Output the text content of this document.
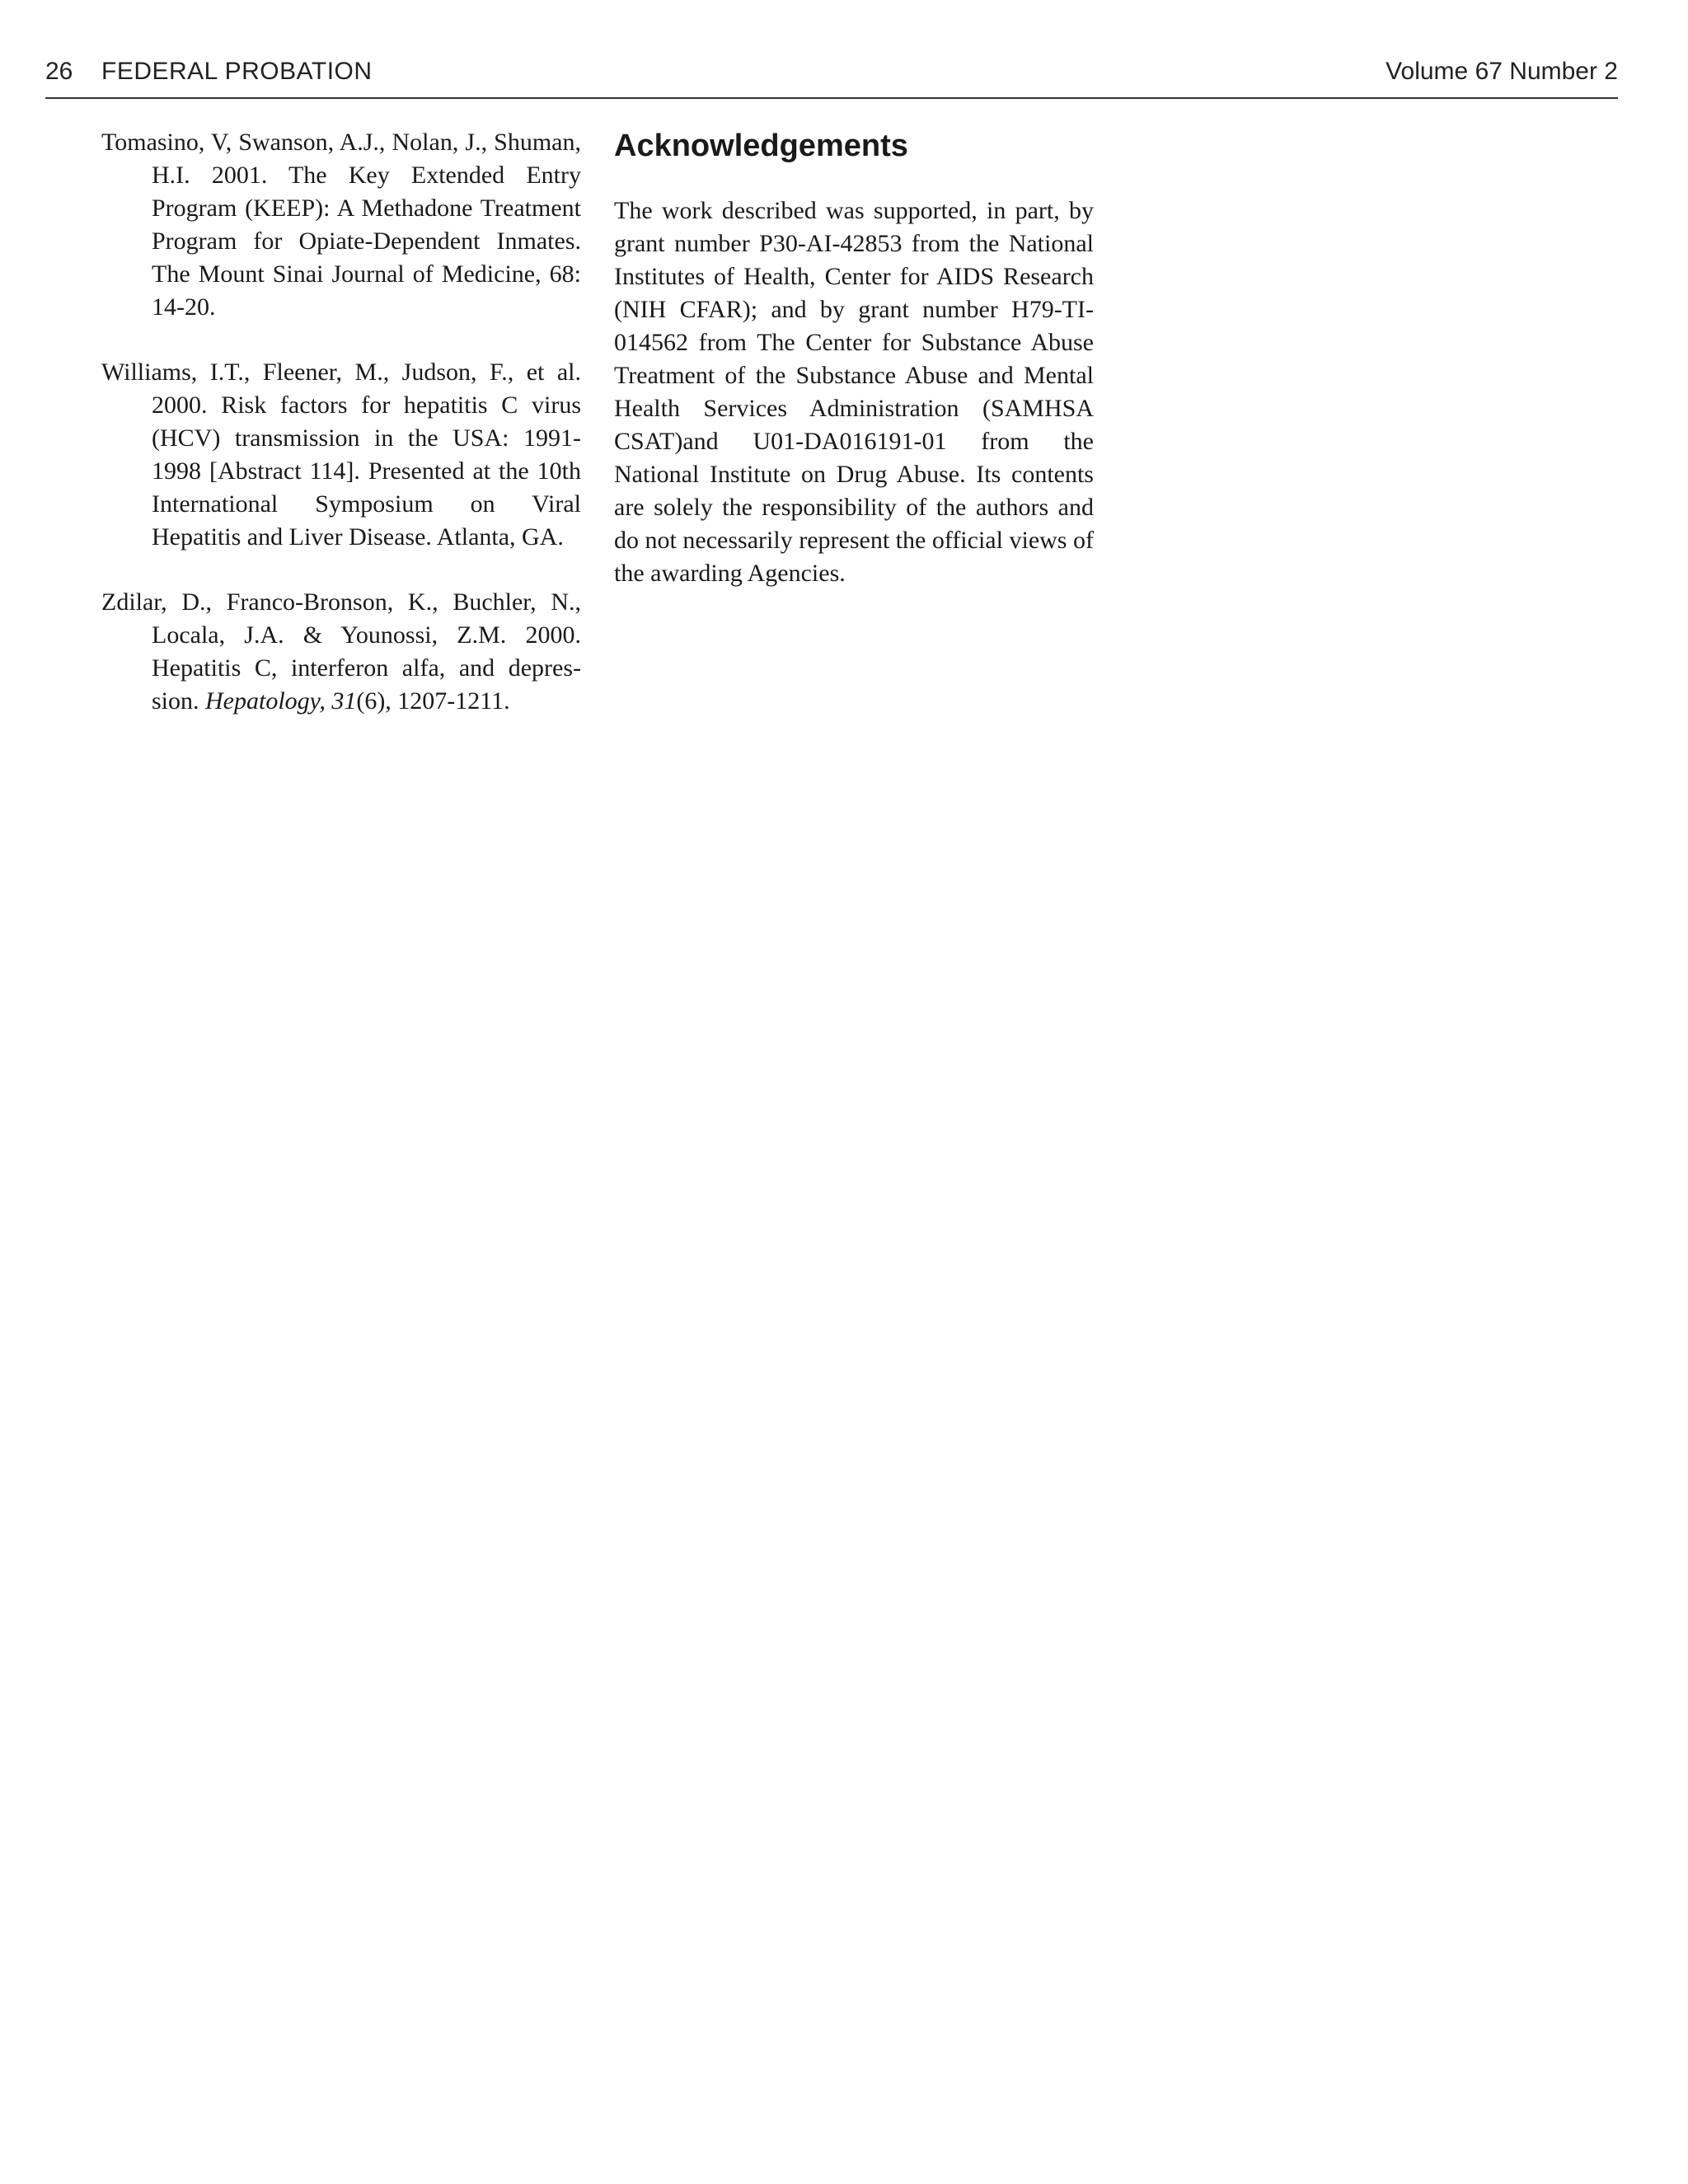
26 FEDERAL PROBATION	Volume 67 Number 2

Tomasino, V, Swanson, A.J., Nolan, J., Shuman, H.I. 2001. The Key Extended Entry Program (KEEP): A Methadone Treatment Program for Opiate-Dependent Inmates. The Mount Sinai Journal of Medicine, 68: 14-20.

Williams, I.T., Fleener, M., Judson, F., et al. 2000. Risk factors for hepatitis C virus (HCV) transmission in the USA: 1991-1998 [Abstract 114]. Presented at the 10th International Symposium on Viral Hepatitis and Liver Disease. Atlanta, GA.

Zdilar, D., Franco-Bronson, K., Buchler, N., Locala, J.A. & Younossi, Z.M. 2000. Hepatitis C, interferon alfa, and depres-sion. Hepatology, 31(6), 1207-1211.

Acknowledgements

The work described was supported, in part, by grant number P30-AI-42853 from the National Institutes of Health, Center for AIDS Research (NIH CFAR); and by grant number H79-TI-014562 from The Center for Substance Abuse Treatment of the Substance Abuse and Mental Health Services Administration (SAMHSA CSAT)and U01-DA016191-01 from the National Institute on Drug Abuse. Its contents are solely the responsibility of the authors and do not necessarily represent the official views of the awarding Agencies.
